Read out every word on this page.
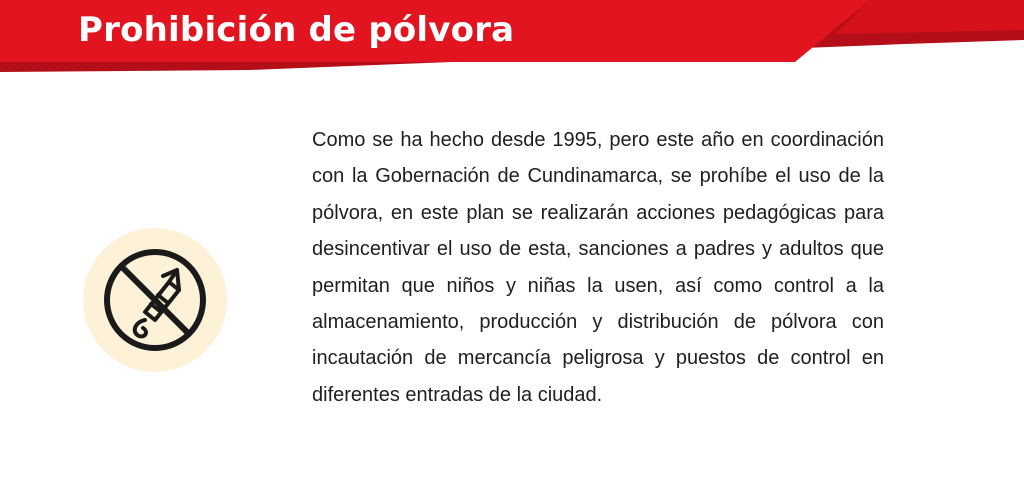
Prohibición de pólvora

Como se ha hecho desde 1995, pero este año en coordinación con la Gobernación de Cundinamarca, se prohíbe el uso de la pólvora, en este plan se realizarán acciones pedagógicas para desincentivar el uso de esta, sanciones a padres y adultos que permitan que niños y niñas la usen, así como control a la almacenamiento, producción y distribución de pólvora con incautación de mercancía peligrosa y puestos de control en diferentes entradas de la ciudad.
